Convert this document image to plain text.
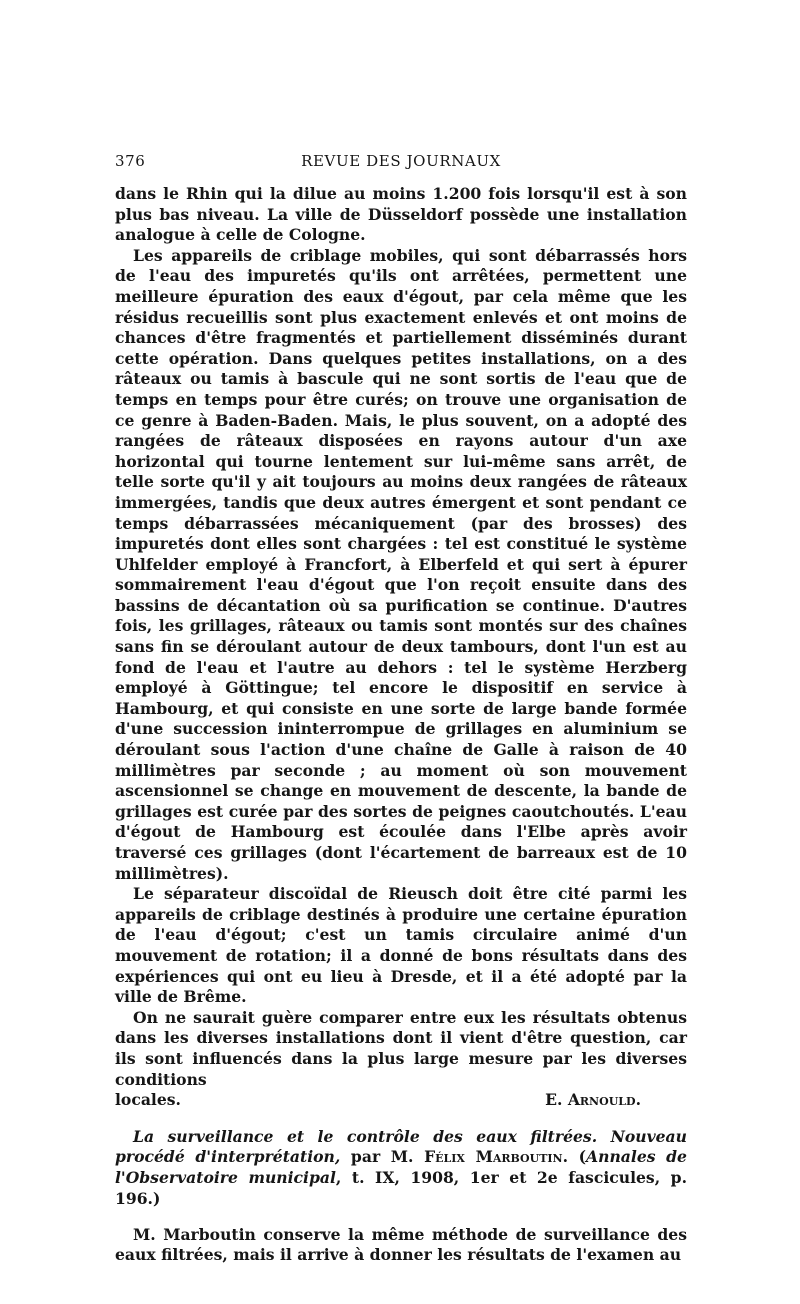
376	REVUE DES JOURNAUX

dans le Rhin qui la dilue au moins 1.200 fois lorsqu'il est à son plus bas niveau. La ville de Düsseldorf possède une installation analogue à celle de Cologne.

Les appareils de criblage mobiles, qui sont débarrassés hors de l'eau des impuretés qu'ils ont arrêtées, permettent une meilleure épuration des eaux d'égout, par cela même que les résidus recueillis sont plus exactement enlevés et ont moins de chances d'être fragmentés et partiellement disséminés durant cette opération. Dans quelques petites installations, on a des râteaux ou tamis à bascule qui ne sont sortis de l'eau que de temps en temps pour être curés; on trouve une organisation de ce genre à Baden-Baden. Mais, le plus souvent, on a adopté des rangées de râteaux disposées en rayons autour d'un axe horizontal qui tourne lentement sur lui-même sans arrêt, de telle sorte qu'il y ait toujours au moins deux rangées de râteaux immergées, tandis que deux autres émergent et sont pendant ce temps débarrassées mécaniquement (par des brosses) des impuretés dont elles sont chargées : tel est constitué le système Uhlfelder employé à Francfort, à Elberfeld et qui sert à épurer sommairement l'eau d'égout que l'on reçoit ensuite dans des bassins de décantation où sa purification se continue. D'autres fois, les grillages, râteaux ou tamis sont montés sur des chaînes sans fin se déroulant autour de deux tambours, dont l'un est au fond de l'eau et l'autre au dehors : tel le système Herzberg employé à Göttingue; tel encore le dispositif en service à Hambourg, et qui consiste en une sorte de large bande formée d'une succession ininterrompue de grillages en aluminium se déroulant sous l'action d'une chaîne de Galle à raison de 40 millimètres par seconde ; au moment où son mouvement ascensionnel se change en mouvement de descente, la bande de grillages est curée par des sortes de peignes caoutchoutés. L'eau d'égout de Hambourg est écoulée dans l'Elbe après avoir traversé ces grillages (dont l'écartement de barreaux est de 10 millimètres).

Le séparateur discoïdal de Rieusch doit être cité parmi les appareils de criblage destinés à produire une certaine épuration de l'eau d'égout; c'est un tamis circulaire animé d'un mouvement de rotation; il a donné de bons résultats dans des expériences qui ont eu lieu à Dresde, et il a été adopté par la ville de Brême.

On ne saurait guère comparer entre eux les résultats obtenus dans les diverses installations dont il vient d'être question, car ils sont influencés dans la plus large mesure par les diverses conditions

locales.	E. Arnould.

La surveillance et le contrôle des eaux filtrées. Nouveau procédé d'interprétation, par M. Félix Marboutin. (Annales de l'Observatoire municipal, t. IX, 1908, 1er et 2e fascicules, p. 196.)

M. Marboutin conserve la même méthode de surveillance des eaux filtrées, mais il arrive à donner les résultats de l'examen au
